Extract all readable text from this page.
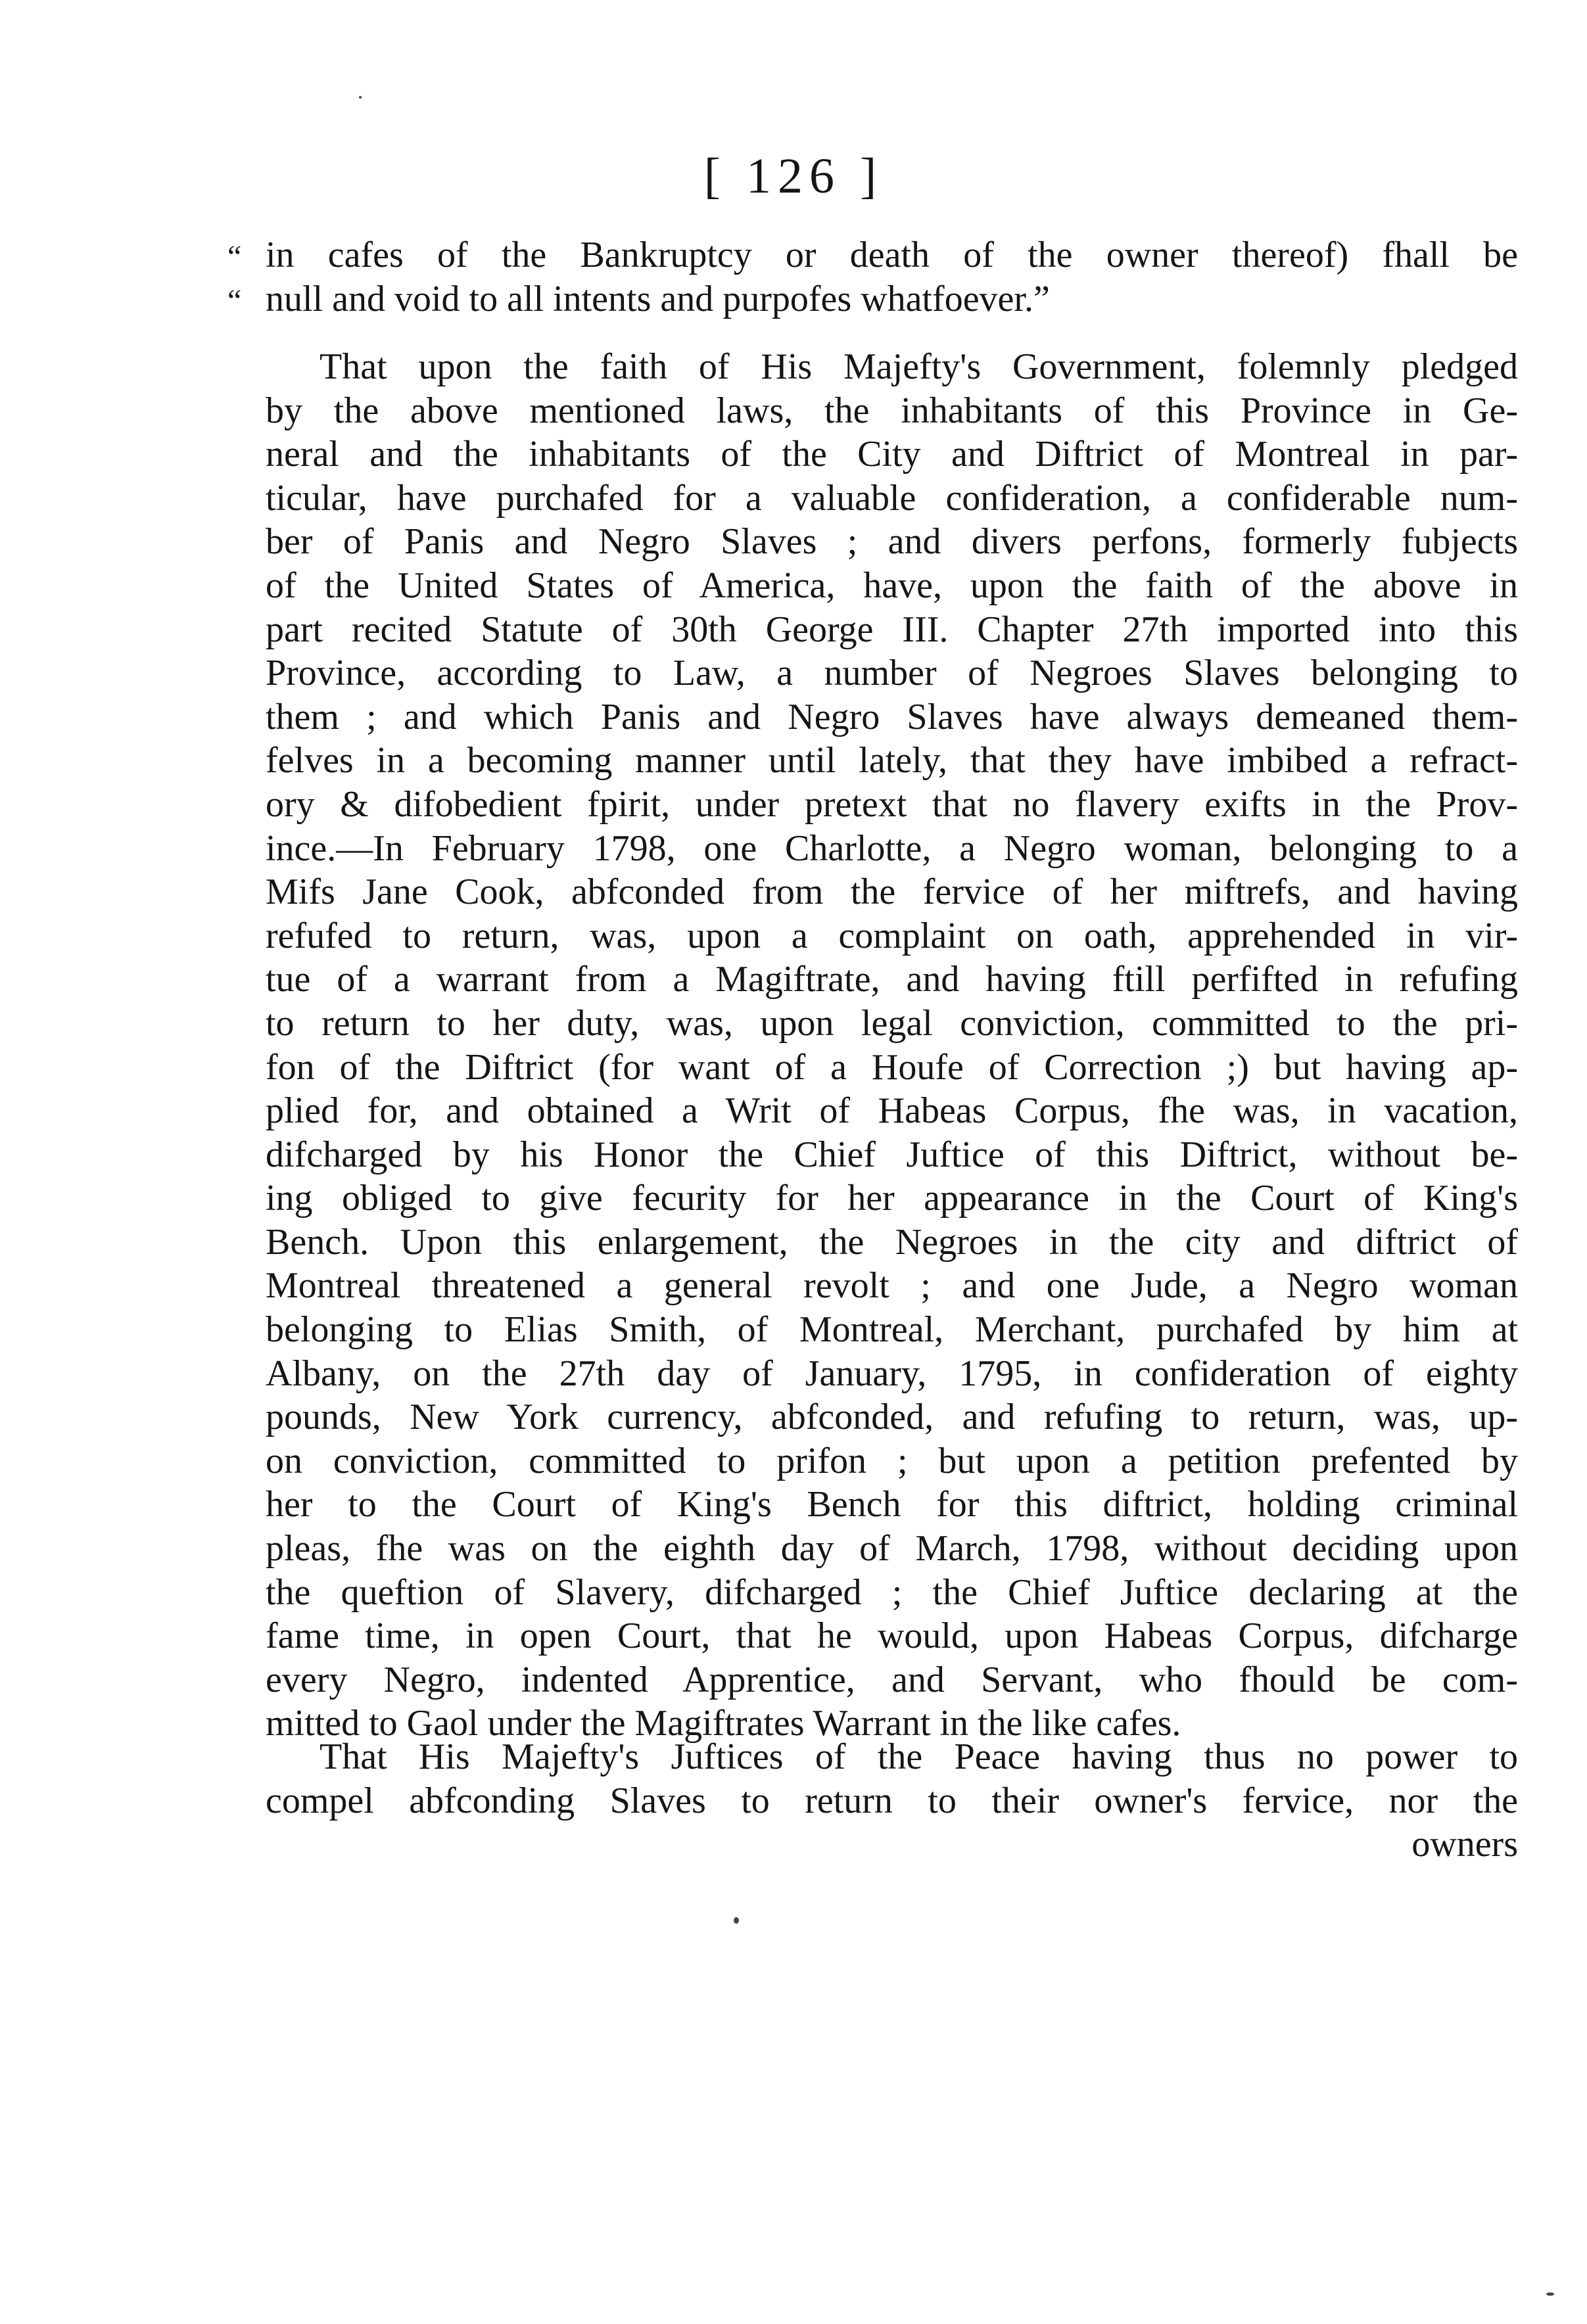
[ 126 ]
“ in cafes of the Bankruptcy or death of the owner thereof) fhall be
“ null and void to all intents and purpofes whatfoever.”
That upon the faith of His Majefty's Government, folemnly pledged
by the above mentioned laws, the inhabitants of this Province in Ge-
neral and the inhabitants of the City and Diftrict of Montreal in par-
ticular, have purchafed for a valuable confideration, a confiderable num-
ber of Panis and Negro Slaves ; and divers perfons, formerly fubjects
of the United States of America, have, upon the faith of the above in
part recited Statute of 30th George III. Chapter 27th imported into this
Province, according to Law, a number of Negroes Slaves belonging to
them ; and which Panis and Negro Slaves have always demeaned them-
felves in a becoming manner until lately, that they have imbibed a refract-
ory & difobedient fpirit, under pretext that no flavery exifts in the Prov-
ince.—In February 1798, one Charlotte, a Negro woman, belonging to a
Mifs Jane Cook, abfconded from the fervice of her miftrefs, and having
refufed to return, was, upon a complaint on oath, apprehended in vir-
tue of a warrant from a Magiftrate, and having ftill perfifted in refufing
to return to her duty, was, upon legal conviction, committed to the pri-
fon of the Diftrict (for want of a Houfe of Correction ;) but having ap-
plied for, and obtained a Writ of Habeas Corpus, fhe was, in vacation,
difcharged by his Honor the Chief Juftice of this Diftrict, without be-
ing obliged to give fecurity for her appearance in the Court of King's
Bench. Upon this enlargement, the Negroes in the city and diftrict of
Montreal threatened a general revolt ; and one Jude, a Negro woman
belonging to Elias Smith, of Montreal, Merchant, purchafed by him at
Albany, on the 27th day of January, 1795, in confideration of eighty
pounds, New York currency, abfconded, and refufing to return, was, up-
on conviction, committed to prifon ; but upon a petition prefented by
her to the Court of King's Bench for this diftrict, holding criminal
pleas, fhe was on the eighth day of March, 1798, without deciding upon
the queftion of Slavery, difcharged ; the Chief Juftice declaring at the
fame time, in open Court, that he would, upon Habeas Corpus, difcharge
every Negro, indented Apprentice, and Servant, who fhould be com-
mitted to Gaol under the Magiftrates Warrant in the like cafes.
That His Majefty's Juftices of the Peace having thus no power to
compel abfconding Slaves to return to their owner's fervice, nor the
owners
